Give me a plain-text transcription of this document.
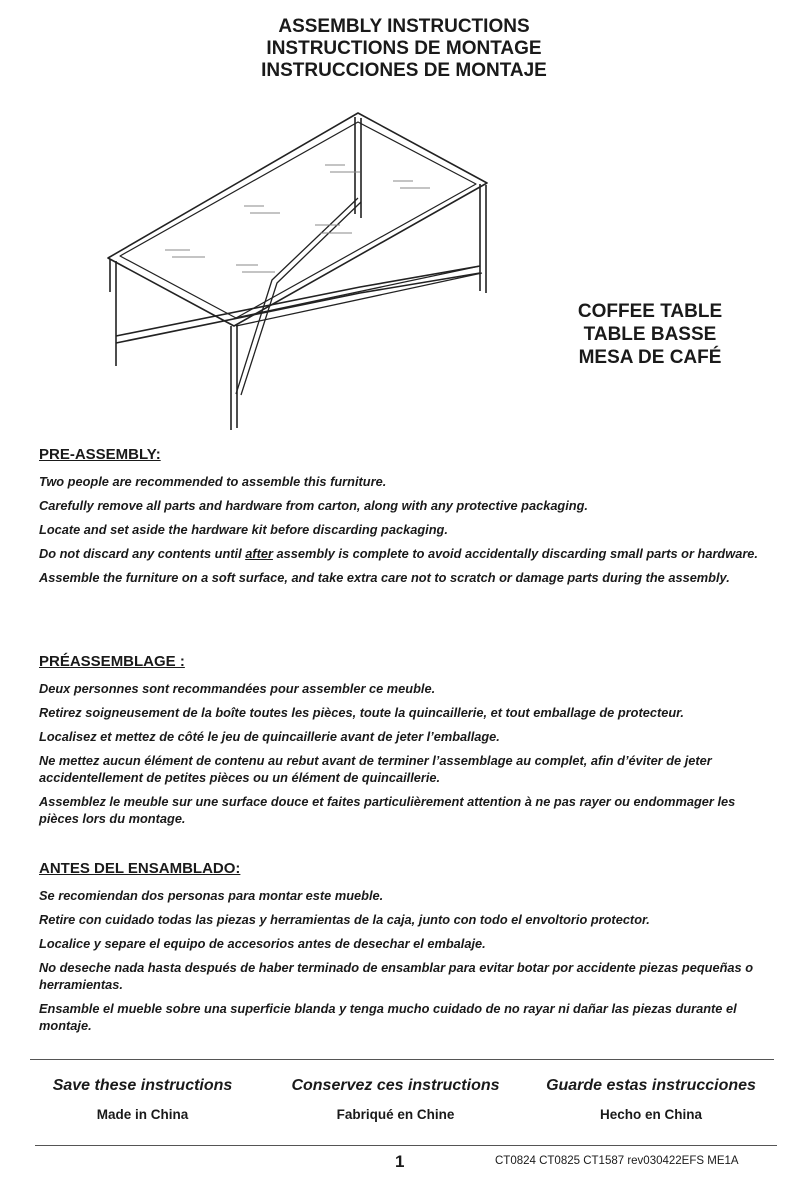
ASSEMBLY INSTRUCTIONS

INSTRUCTIONS DE MONTAGE

INSTRUCCIONES DE MONTAJE

COFFEE TABLE

TABLE BASSE

MESA DE CAFÉ

PRE-ASSEMBLY:

Two people are recommended to assemble this furniture.

Carefully remove all parts and hardware from carton, along with any protective packaging.

Locate and set aside the hardware kit before discarding packaging.

Do not discard any contents until after assembly is complete to avoid accidentally discarding small parts or hardware.

Assemble the furniture on a soft surface, and take extra care not to scratch or damage parts during the assembly.

PRÉASSEMBLAGE :

Deux personnes sont recommandées pour assembler ce meuble.

Retirez soigneusement de la boîte toutes les pièces, toute la quincaillerie, et tout emballage de protecteur.

Localisez et mettez de côté le jeu de quincaillerie avant de jeter l’emballage.

Ne mettez aucun élément de contenu au rebut avant de terminer l’assemblage au complet, afin d’éviter de jeter accidentellement de petites pièces ou un élément de quincaillerie.

Assemblez le meuble sur une surface douce et faites particulièrement attention à ne pas rayer ou endommager les pièces lors du montage.

ANTES DEL ENSAMBLADO:

Se recomiendan dos personas para montar este mueble.

Retire con cuidado todas las piezas y herramientas de la caja, junto con todo el envoltorio protector.

Localice y separe el equipo de accesorios antes de desechar el embalaje.

No deseche nada hasta después de haber terminado de ensamblar para evitar botar por accidente piezas pequeñas o herramientas.

Ensamble el mueble sobre una superficie blanda y tenga mucho cuidado de no rayar ni dañar las piezas durante el montaje.

Save these instructions	Conservez ces instructions	Guarde estas instrucciones
Made in China	Fabriqué en Chine	Hecho en China
1	CT0824 CT0825 CT1587 rev030422EFS ME1A
